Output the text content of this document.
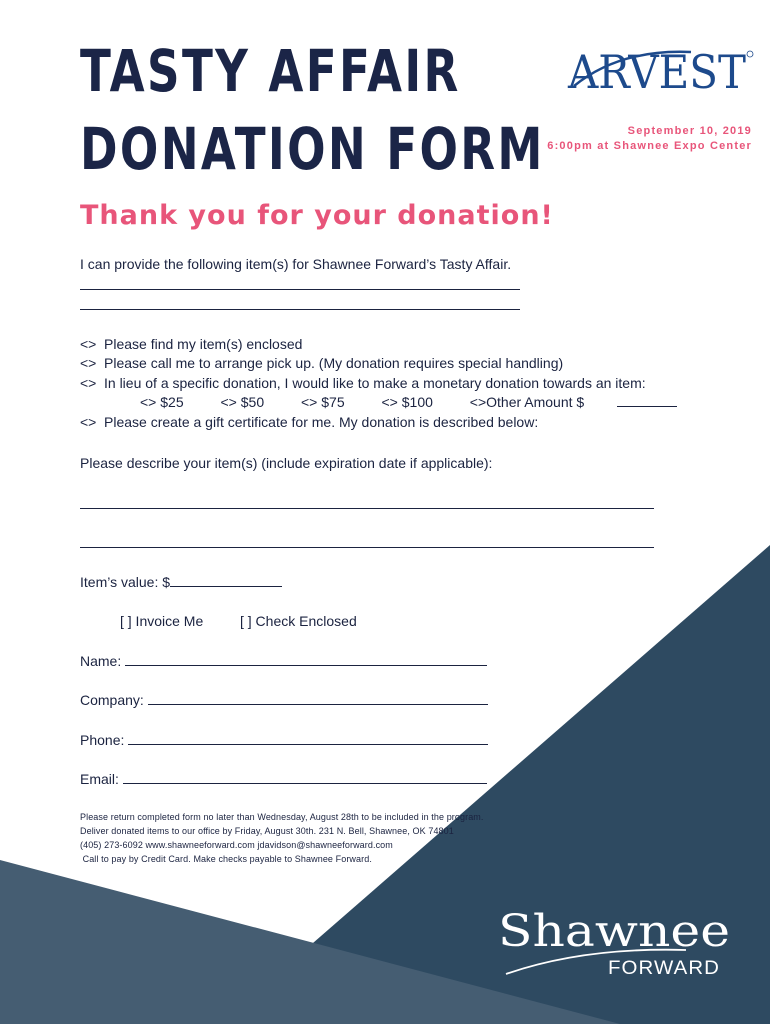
TASTY AFFAIR
DONATION FORM
ARVEST
September 10, 2019
6:00pm at Shawnee Expo Center
Thank you for your donation!
I can provide the following item(s) for Shawnee Forward’s Tasty Affair.
<> Please find my item(s) enclosed
<> Please call me to arrange pick up. (My donation requires special handling)
<> In lieu of a specific donation, I would like to make a monetary donation towards an item:
<> $25	<> $50	<> $75	<> $100	<>Other Amount $
<> Please create a gift certificate for me. My donation is described below:
Please describe your item(s) (include expiration date if applicable):
Item’s value: $
[ ] Invoice Me	[ ] Check Enclosed
Name:
Company:
Phone:
Email:
Please return completed form no later than Wednesday, August 28th to be included in the program.
Deliver donated items to our office by Friday, August 30th. 231 N. Bell, Shawnee, OK 74801
(405) 273-6092 www.shawneeforward.com jdavidson@shawneeforward.com
Call to pay by Credit Card. Make checks payable to Shawnee Forward.
Shawnee
FORWARD
